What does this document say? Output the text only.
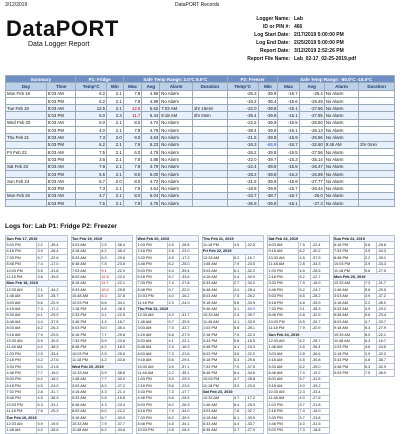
3/12/2019	DataPORT Records
DataPORT
Data Logger Report
Logger Name: Lab
ID or PIN #: 466
Log Start Date: 2/17/2019 5:00:00 PM
Log End Date: 2/25/2019 5:00:00 PM
Report Date: 3/12/2019 2:52:26 PM
Report File Name: Lab_02-17_02-25-2019.pdf
Summary		P1: Fridge		Safe Temp Range: 2.0°C 8.0°C				P2: Freezer		Safe Temp Range: -80.0°C -15.0°C			
Day	Time	Temp°C	Min	Max	Avg	Alarm	Duration	Temp°C	Min	Max	Avg	Alarm	Duration
Mon Feb 18	8:03 AM	6.2	2.1	7.9	4.99	No Alarm		-26.3	-39.9	-16.7	-26.4	No Alarm	
	5:03 PM	6.2	2.1	7.9	4.98	No Alarm		-16.2	-36.4	-15.6	-25.49	No Alarm	
Tue Feb 19	8:03 AM	12.5	2.1	12.5	5.62	7:03 AM	1hr 15min	-22.0	-39.8	-15.1	-27.66	No Alarm	
	5:03 PM	6.0	2.3	11.7	6.44	8:18 AM	2hr 0min	-35.4	-39.8	-15.1	-27.55	No Alarm	
Wed Feb 20	8:03 AM	5.0	2.1	8.0	4.74	No Alarm		-22.2	-39.9	-15.5	-26.50	No Alarm	
	5:03 PM	4.0	2.1	7.9	4.79	No Alarm		-39.4	-39.9	-16.1	-26.13	No Alarm	
Thu Feb 21	8:03 AM	7.3	2.0	8.0	4.63	No Alarm		-21.6	-39.8	-15.9	-26.56	No Alarm	
	5:03 PM	6.2	2.1	7.9	5.23	No Alarm		-26.3	-65.9	-16.7	-32.60	9:48 AM	2hr 0min
Fri Feb 22	8:03 AM	7.5	2.1	6.0	4.76	No Alarm		-26.2	-39.8	-16.5	-27.56	No Alarm	
	5:03 PM	3.6	2.1	7.9	4.85	No Alarm		-22.0	-39.7	-15.3	-25.14	No Alarm	
Sat Feb 23	8:03 AM	7.9	2.1	7.9	4.79	No Alarm		-22.4	-39.8	-15.5	-26.47	No Alarm	
	5:03 PM	6.5	2.1	8.0	5.00	No Alarm		-28.2	-39.8	-16.2	-26.99	No Alarm	
Sun Feb 24	8:03 AM	5.7	2.0	8.0	4.72	No Alarm		-31.5	-39.9	-15.9	-27.77	No Alarm	
	5:03 PM	7.3	2.1	7.9	4.64	No Alarm		-18.8	-39.8	-15.7	-26.44	No Alarm	
Mon Feb 25	8:03 AM	4.7	2.1	8.0	5.04	No Alarm		-33.7	-38.7	-16.7	-26.0	No Alarm	
	5:03 PM	7.5	2.1	7.9	4.75	No Alarm		-36.9	-39.8	-15.1	-27.3	No Alarm	
Logs for: Lab P1: Fridge P2: Freezer
Sun Feb 17, 2019		
5:03 PM	2.2	-35.4
6:18 PM	3.9	-28.4
7:33 PM	5.7	-22.6
8:48 PM	7.4	-17.0
10:03 PM	5.5	-31.8
11:18 PM	3.8	-39.5
Mon Feb 18, 2019		
12:33 AM	2.1	-34.2
1:48 AM	3.9	-28.7
3:03 AM	5.6	-22.9
4:18 AM	7.3	-17.2
5:33 AM	6.1	-29.9
6:48 AM	4.4	-37.5
8:03 AM	6.2	-26.3
9:18 AM	7.9	-20.5
10:33 AM	5.9	-30.5
11:48 AM	4.2	-38.3
1:03 PM	2.5	-33.4
2:18 PM	4.2	-27.6
3:33 PM	6.0	-21.8
4:48 PM	7.7	-16.0
5:03 PM	6.2	-16.2
6:18 PM	4.5	-24.0
7:33 PM	2.8	-31.7
8:48 PM	4.5	-36.9
10:03 PM	6.3	-31.1
11:18 PM	7.6	-25.3
Tue Feb 19, 2019		
12:33 AM	5.9	-19.5
1:48 AM	4.2	-28.6
Tue Feb 19, 2019		
3:03 AM	2.5	-36.4
4:18 AM	4.2	-35.4
5:33 AM	6.0	-29.6
6:48 AM	7.8	-23.8
7:03 AM	9.1	-22.0
8:03 AM	12.5	-22.0
8:18 AM	11.7	-22.1
9:33 AM	10.0	-29.8
10:48 AM	8.3	-37.6
12:03 PM	6.6	-34.1
1:18 PM	4.8	-28.3
2:33 PM	3.1	-22.5
3:48 PM	4.4	-16.7
5:03 PM	6.0	-35.4
6:18 PM	7.7	-29.6
7:33 PM	5.9	-23.8
8:48 PM	4.2	-18.0
10:03 PM	2.5	-25.8
11:18 PM	4.2	-33.6
Wed Feb 20, 2019		
12:33 AM	5.9	-38.8
1:48 AM	7.7	-33.0
3:03 AM	6.0	-27.2
4:18 AM	4.3	-21.4
5:33 AM	2.6	-15.6
6:48 AM	4.3	-23.4
8:03 AM	5.0	-22.2
9:18 AM	6.7	-30.0
10:33 AM	7.9	-37.7
11:48 AM	6.2	-34.6
Wed Feb 20, 2019		
1:03 PM	4.5	-28.8
2:18 PM	2.8	-23.0
3:33 PM	4.5	-17.2
4:48 PM	6.2	-25.0
5:03 PM	4.0	-39.4
6:18 PM	5.7	-33.6
7:33 PM	7.4	-27.8
8:48 PM	5.7	-22.0
10:03 PM	4.0	-16.2
11:18 PM	2.3	-24.0
Thu Feb 21, 2019		
12:33 AM	4.0	-31.7
1:48 AM	5.7	-39.5
3:03 AM	7.5	-33.7
4:18 AM	5.8	-27.9
5:33 AM	4.1	-22.1
6:48 AM	2.4	-16.3
8:03 AM	7.3	-21.6
9:18 AM	5.6	-29.4
10:33 AM	3.9	-37.1
11:48 AM	2.2	-35.1
1:03 PM	3.9	-29.3
2:18 PM	5.6	-23.5
3:33 PM	7.3	-17.7
4:48 PM	5.6	-25.5
5:03 PM	6.2	-26.3
6:18 PM	7.9	-34.0
7:33 PM	6.2	-39.9
8:48 PM	4.5	-34.1
10:03 PM	2.8	-28.3
Thu Feb 21, 2019		
11:18 PM	4.5	-22.5
Fri Feb 22, 2019		
12:33 AM	6.2	-16.7
1:48 AM	7.9	-24.5
3:03 AM	6.1	-32.2
4:18 AM	4.4	-40.0
5:33 AM	2.7	-34.2
6:48 AM	4.4	-28.4
8:03 AM	7.5	-26.2
9:18 AM	5.8	-33.9
9:48 AM	4.1	-65.9
10:33 AM	2.4	-39.7
11:48 AM	4.1	-33.9
1:03 PM	5.8	-28.1
2:18 PM	7.5	-22.3
3:33 PM	5.8	-16.5
4:48 PM	4.1	-24.3
5:03 PM	3.6	-22.0
6:18 PM	5.3	-29.8
7:33 PM	7.0	-37.5
8:48 PM	6.4	-34.6
10:03 PM	4.7	-28.8
11:18 PM	3.0	-23.0
Sat Feb 23, 2019		
12:33 AM	4.7	-17.2
1:48 AM	6.4	-25.0
3:03 AM	7.8	-32.7
4:18 AM	6.1	-39.5
5:33 AM	4.4	-33.7
6:48 AM	2.7	-27.9
Sat Feb 23, 2019		
8:03 AM	7.9	-22.4
9:18 AM	6.2	-30.2
10:33 AM	4.5	-37.9
11:48 AM	2.8	-34.3
1:03 PM	4.5	-28.5
2:18 PM	6.2	-22.7
3:33 PM	7.9	-16.9
4:48 PM	6.2	-24.7
5:03 PM	6.5	-28.2
6:18 PM	4.8	-35.9
7:33 PM	3.1	-38.3
8:48 PM	4.8	-32.5
10:03 PM	6.5	-26.7
11:18 PM	7.9	-20.9
Sun Feb 24, 2019		
12:33 AM	6.2	-28.7
1:48 AM	4.5	-36.4
3:03 AM	2.8	-36.6
4:18 AM	4.5	-30.8
5:33 AM	6.2	-25.0
6:48 AM	7.9	-19.2
8:03 AM	5.7	-31.5
9:18 AM	4.0	-39.2
10:33 AM	2.3	-33.4
11:48 AM	4.0	-27.6
1:03 PM	5.7	-21.8
2:18 PM	7.4	-16.0
3:33 PM	5.7	-23.8
4:48 PM	4.0	-31.5
5:03 PM	7.3	-18.8
Sun Feb 24, 2019		
6:18 PM	5.6	-26.6
7:33 PM	3.9	-34.3
8:48 PM	2.2	-39.1
10:03 PM	3.9	-33.3
11:18 PM	5.6	-27.5
Mon Feb 25, 2019		
12:33 AM	7.3	-21.7
1:48 AM	5.6	-29.5
3:03 AM	3.9	-37.2
4:18 AM	2.2	-35.0
5:33 AM	3.9	-29.2
6:48 AM	5.6	-23.4
8:03 AM	4.7	-33.7
9:18 AM	6.4	-27.9
10:33 AM	8.0	-22.1
11:48 AM	6.3	-16.7
1:03 PM	4.6	-24.5
2:18 PM	2.9	-32.2
3:33 PM	4.6	-38.7
4:48 PM	6.3	-32.9
5:03 PM	7.5	-36.9
